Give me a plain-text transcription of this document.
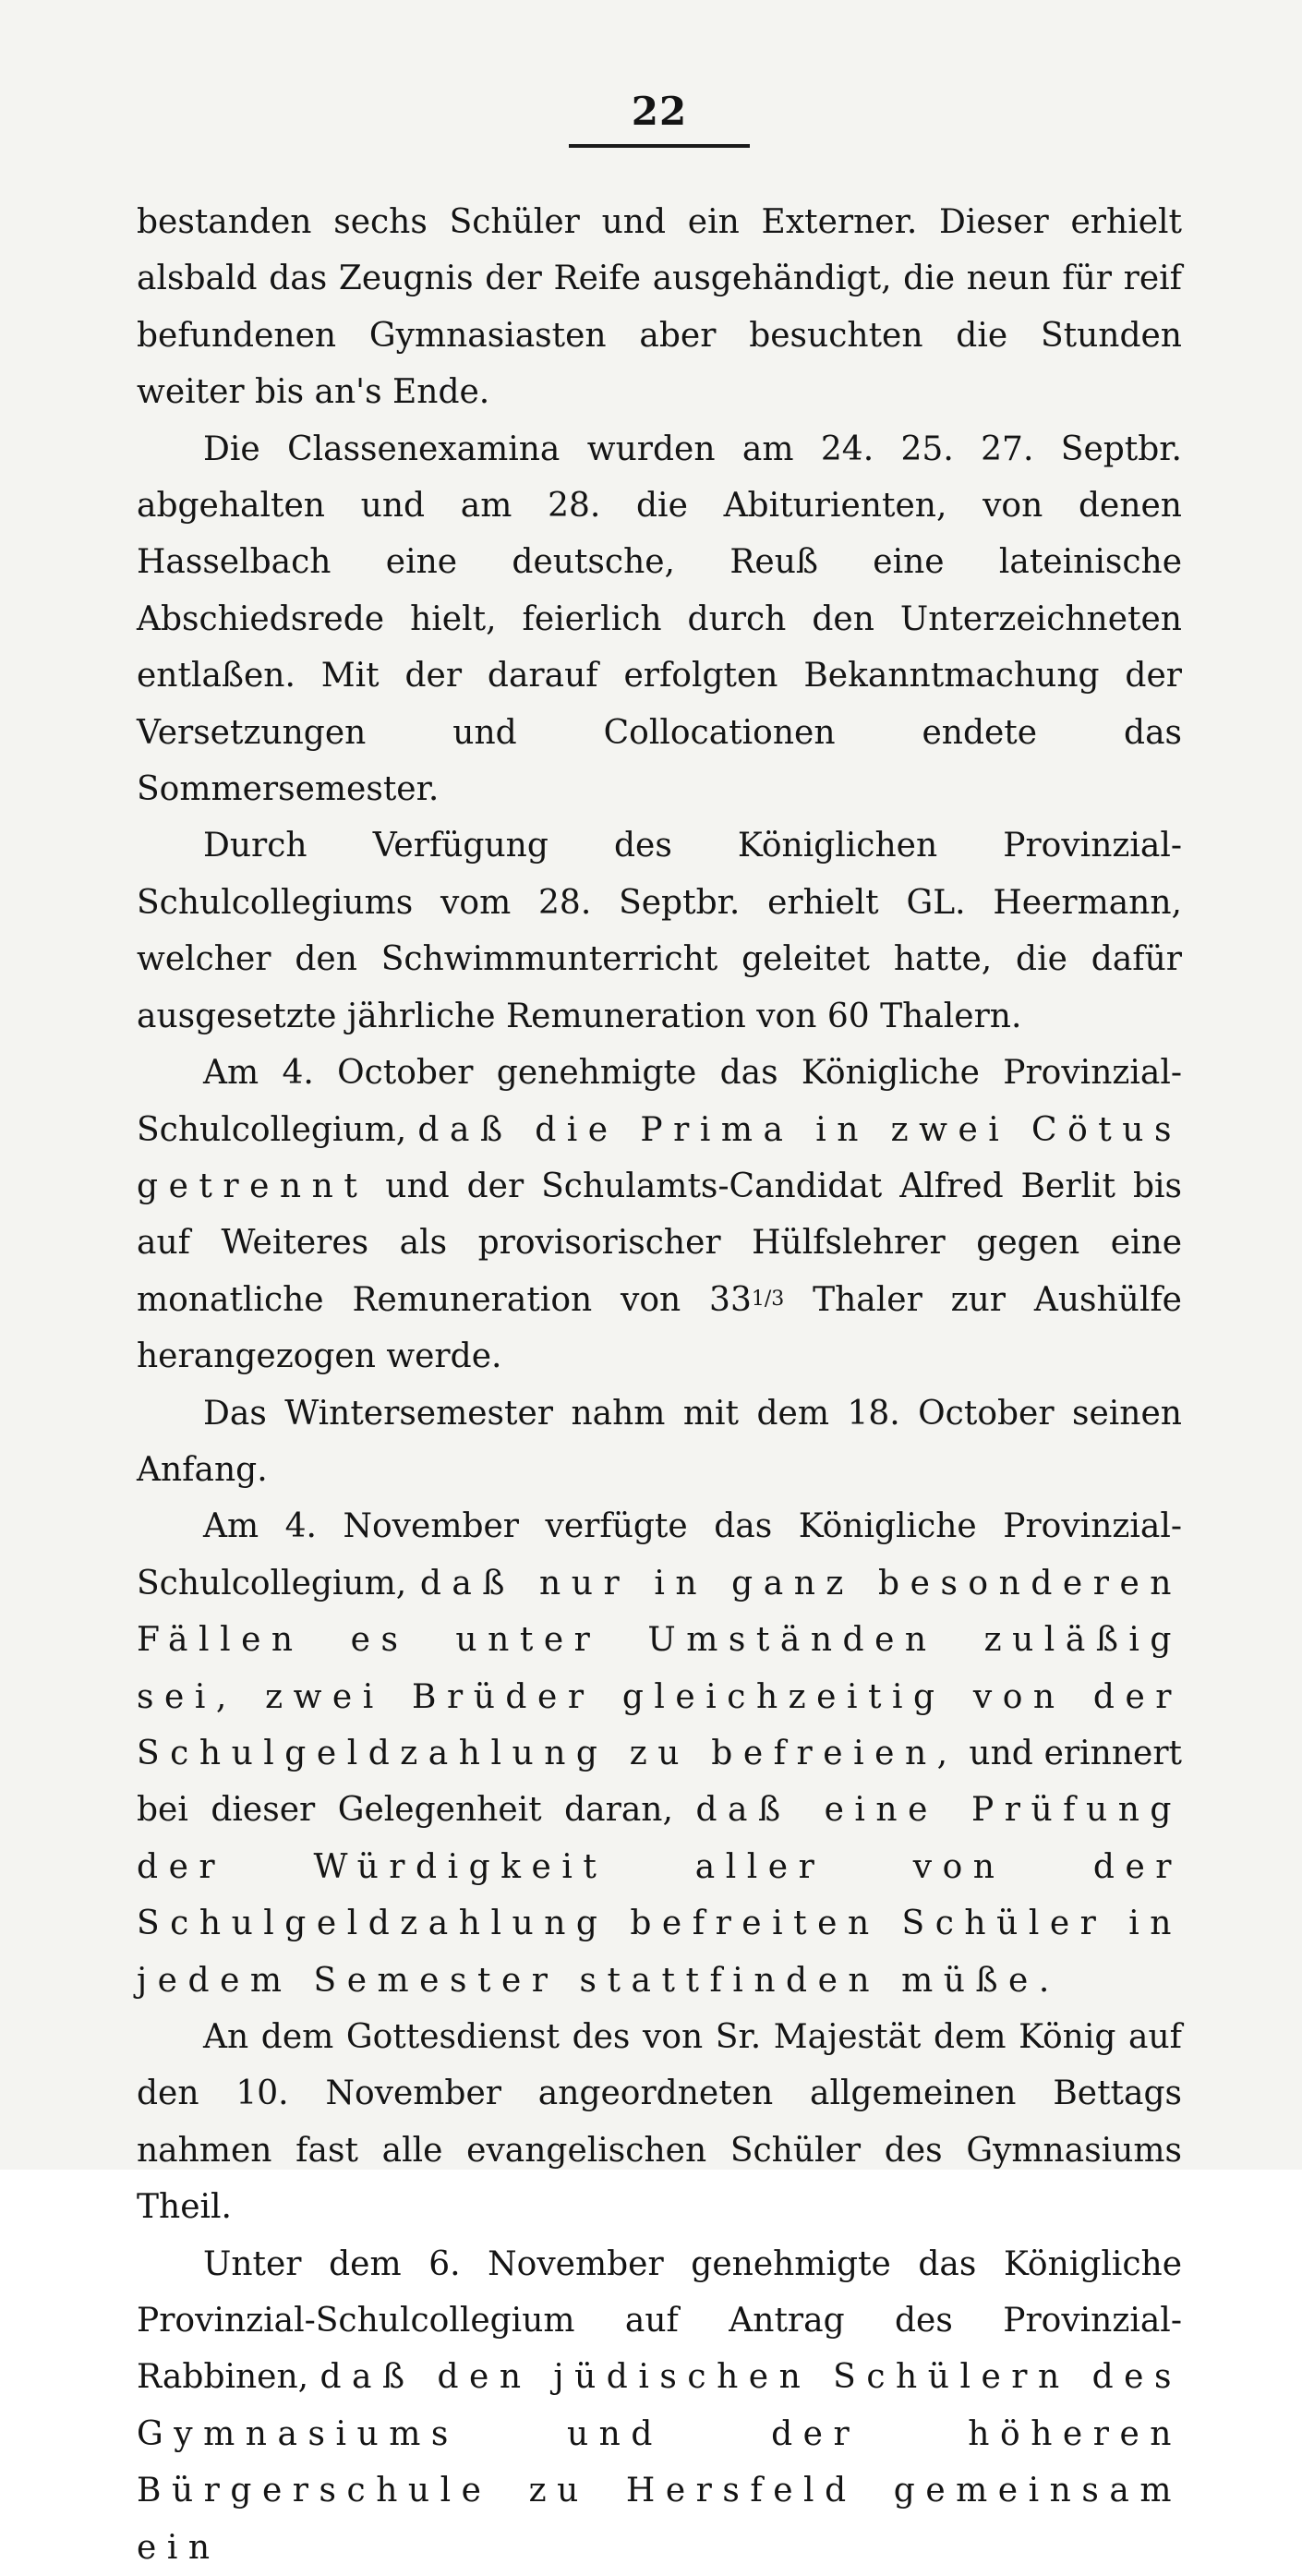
22

bestanden sechs Schüler und ein Externer. Dieser erhielt alsbald das Zeugnis der Reife ausgehändigt, die neun für reif befundenen Gymnasiasten aber besuchten die Stunden weiter bis an's Ende.

Die Classenexamina wurden am 24. 25. 27. Septbr. abgehalten und am 28. die Abiturienten, von denen Hasselbach eine deutsche, Reuß eine lateinische Abschiedsrede hielt, feierlich durch den Unterzeichneten entlaßen. Mit der darauf erfolgten Bekanntmachung der Versetzungen und Collocationen endete das Sommersemester.

Durch Verfügung des Königlichen Provinzial-Schulcollegiums vom 28. Septbr. erhielt GL. Heermann, welcher den Schwimmunterricht geleitet hatte, die dafür ausgesetzte jährliche Remuneration von 60 Thalern.

Am 4. October genehmigte das Königliche Provinzial-Schulcollegium, daß die Prima in zwei Cötus getrennt und der Schulamts-Candidat Alfred Berlit bis auf Weiteres als provisorischer Hülfslehrer gegen eine monatliche Remuneration von 331/3 Thaler zur Aushülfe herangezogen werde.

Das Wintersemester nahm mit dem 18. October seinen Anfang.

Am 4. November verfügte das Königliche Provinzial-Schulcollegium, daß nur in ganz besonderen Fällen es unter Umständen zuläßig sei, zwei Brüder gleichzeitig von der Schulgeldzahlung zu befreien, und erinnert bei dieser Gelegenheit daran, daß eine Prüfung der Würdigkeit aller von der Schulgeldzahlung befreiten Schüler in jedem Semester stattfinden müße.

An dem Gottesdienst des von Sr. Majestät dem König auf den 10. November angeordneten allgemeinen Bettags nahmen fast alle evangelischen Schüler des Gymnasiums Theil.

Unter dem 6. November genehmigte das Königliche Provinzial-Schulcollegium auf Antrag des Provinzial-Rabbinen, daß den jüdischen Schülern des Gymnasiums und der höheren Bürgerschule zu Hersfeld gemeinsam ein
